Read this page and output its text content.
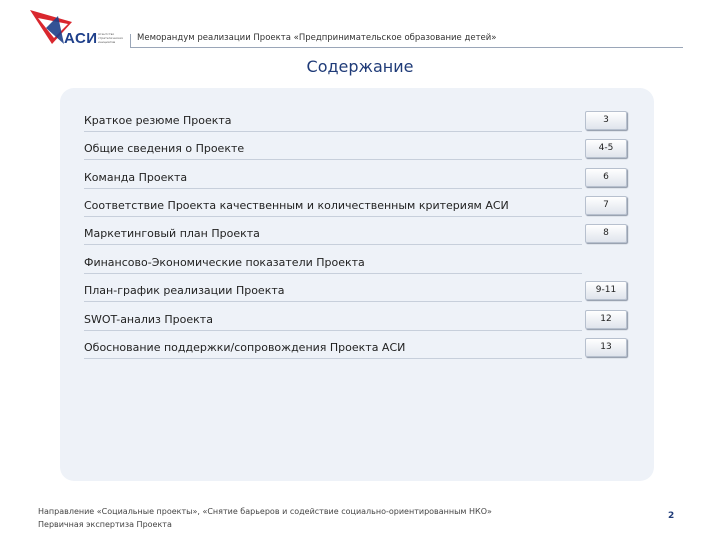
АСИ Агентство стратегических инициатив	Меморандум реализации Проекта «Предпринимательское образование детей»
Содержание
Краткое резюме Проекта	3
Общие сведения о Проекте	4-5
Команда Проекта	6
Соответствие Проекта качественным и количественным критериям АСИ	7
Маркетинговый план Проекта	8
Финансово-Экономические показатели Проекта
План-график реализации Проекта	9-11
SWOT-анализ Проекта	12
Обоснование поддержки/сопровождения Проекта АСИ	13
Направление «Социальные проекты», «Снятие барьеров и содействие социально-ориентированным НКО»
Первичная экспертиза Проекта
2
